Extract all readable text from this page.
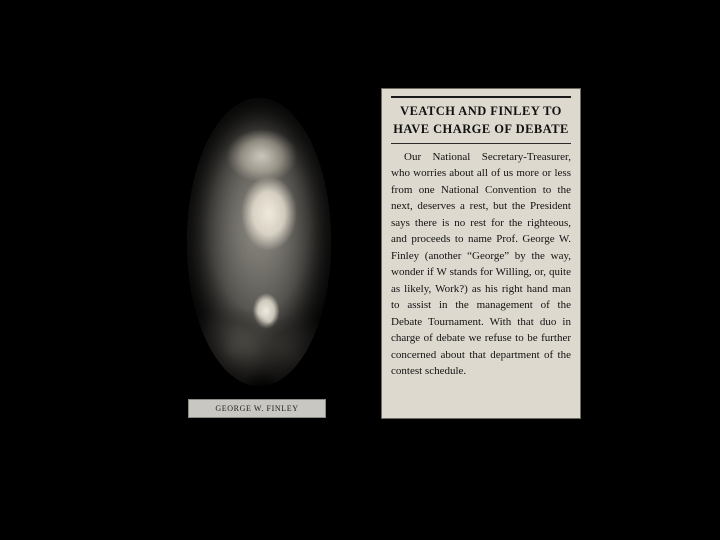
GEORGE W. FINLEY
VEATCH AND FINLEY TO
HAVE CHARGE OF DEBATE

Our National Secretary-Treasurer, who worries about all of us more or less from one National Convention to the next, deserves a rest, but the President says there is no rest for the righteous, and proceeds to name Prof. George W. Finley (another “George” by the way, wonder if W stands for Willing, or, quite as likely, Work?) as his right hand man to assist in the management of the Debate Tournament. With that duo in charge of debate we refuse to be further concerned about that department of the contest schedule.
